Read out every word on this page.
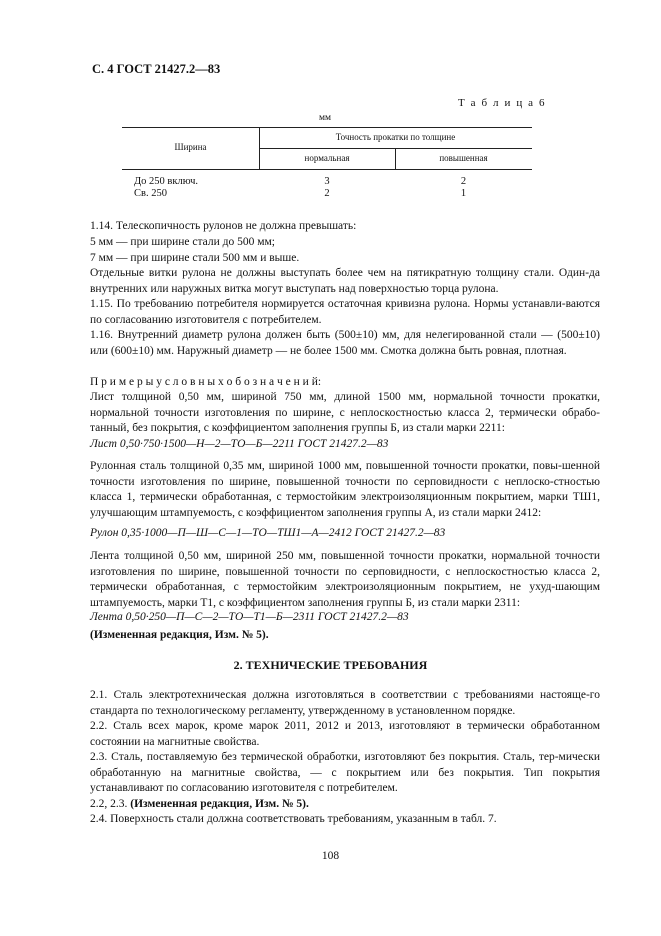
С. 4 ГОСТ 21427.2—83
Т а б л и ц а 6
мм
Ширина
Точность прокатки по толщине
нормальная	повышенная
До 250 включ.	3	2
Св. 250	2	1
1.14. Телескопичность рулонов не должна превышать:
5 мм — при ширине стали до 500 мм;
7 мм — при ширине стали 500 мм и выше.
Отдельные витки рулона не должны выступать более чем на пятикратную толщину стали. Один-да внутренних или наружных витка могут выступать над поверхностью торца рулона.
1.15. По требованию потребителя нормируется остаточная кривизна рулона. Нормы устанавли-ваются по согласованию изготовителя с потребителем.
1.16. Внутренний диаметр рулона должен быть (500±10) мм, для нелегированной стали — (500±10) или (600±10) мм. Наружный диаметр — не более 1500 мм. Смотка должна быть ровная, плотная.
П р и м е р ы у с л о в н ы х о б о з н а ч е н и й:
Лист толщиной 0,50 мм, шириной 750 мм, длиной 1500 мм, нормальной точности прокатки, нормальной точности изготовления по ширине, с неплоскостностью класса 2, термически обрабо-танный, без покрытия, с коэффициентом заполнения группы Б, из стали марки 2211:
Лист 0,50·750·1500—Н—2—ТО—Б—2211 ГОСТ 21427.2—83
Рулонная сталь толщиной 0,35 мм, шириной 1000 мм, повышенной точности прокатки, повы-шенной точности изготовления по ширине, повышенной точности по серповидности с неплоско-стностью класса 1, термически обработанная, с термостойким электроизоляционным покрытием, марки ТШ1, улучшающим штампуемость, с коэффициентом заполнения группы А, из стали марки 2412:
Рулон 0,35·1000—П—Ш—С—1—ТО—ТШ1—А—2412 ГОСТ 21427.2—83
Лента толщиной 0,50 мм, шириной 250 мм, повышенной точности прокатки, нормальной точности изготовления по ширине, повышенной точности по серповидности, с неплоскостностью класса 2, термически обработанная, с термостойким электроизоляционным покрытием, не ухуд-шающим штампуемость, марки Т1, с коэффициентом заполнения группы Б, из стали марки 2311:
Лента 0,50·250—П—С—2—ТО—Т1—Б—2311 ГОСТ 21427.2—83
(Измененная редакция, Изм. № 5).
2. ТЕХНИЧЕСКИЕ ТРЕБОВАНИЯ
2.1. Сталь электротехническая должна изготовляться в соответствии с требованиями настояще-го стандарта по технологическому регламенту, утвержденному в установленном порядке.
2.2. Сталь всех марок, кроме марок 2011, 2012 и 2013, изготовляют в термически обработанном состоянии на магнитные свойства.
2.3. Сталь, поставляемую без термической обработки, изготовляют без покрытия. Сталь, тер-мически обработанную на магнитные свойства, — с покрытием или без покрытия. Тип покрытия устанавливают по согласованию изготовителя с потребителем.
2.2, 2.3. (Измененная редакция, Изм. № 5).
2.4. Поверхность стали должна соответствовать требованиям, указанным в табл. 7.
108
